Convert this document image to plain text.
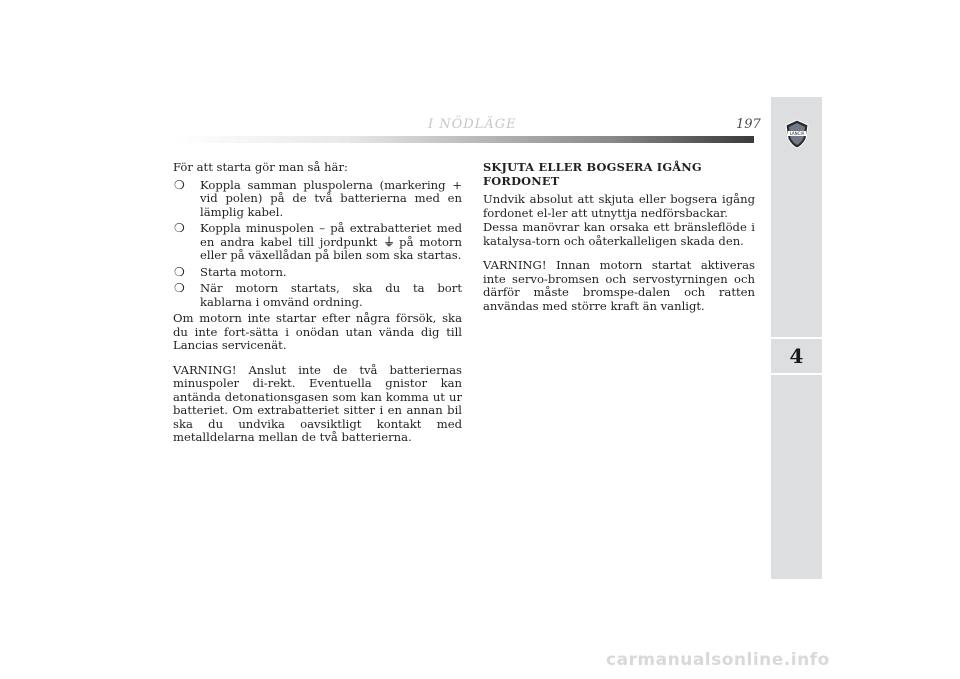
I NÖDLÄGE	197

För att starta gör man så här:

❍ Koppla samman pluspolerna (markering + vid polen) på de två batterierna med en lämplig kabel.
❍ Koppla minuspolen – på extrabatteriet med en andra kabel till jordpunkt ⏚ på motorn eller på växellådan på bilen som ska startas.
❍ Starta motorn.
❍ När motorn startats, ska du ta bort kablarna i omvänd ordning.

Om motorn inte startar efter några försök, ska du inte fort-sätta i onödan utan vända dig till Lancias servicenät.

VARNING! Anslut inte de två batteriernas minuspoler di-rekt. Eventuella gnistor kan antända detonationsgasen som kan komma ut ur batteriet. Om extrabatteriet sitter i en annan bil ska du undvika oavsiktligt kontakt med metalldelarna mellan de två batterierna.

SKJUTA ELLER BOGSERA IGÅNG FORDONET

Undvik absolut att skjuta eller bogsera igång fordonet el-ler att utnyttja nedförsbackar.

Dessa manövrar kan orsaka ett bränsleflöde i katalysa-torn och oåterkalleligen skada den.

VARNING! Innan motorn startat aktiveras inte servo-bromsen och servostyrningen och därför måste bromspe-dalen och ratten användas med större kraft än vanligt.

LANCIA
4
carmanualsonline.info
